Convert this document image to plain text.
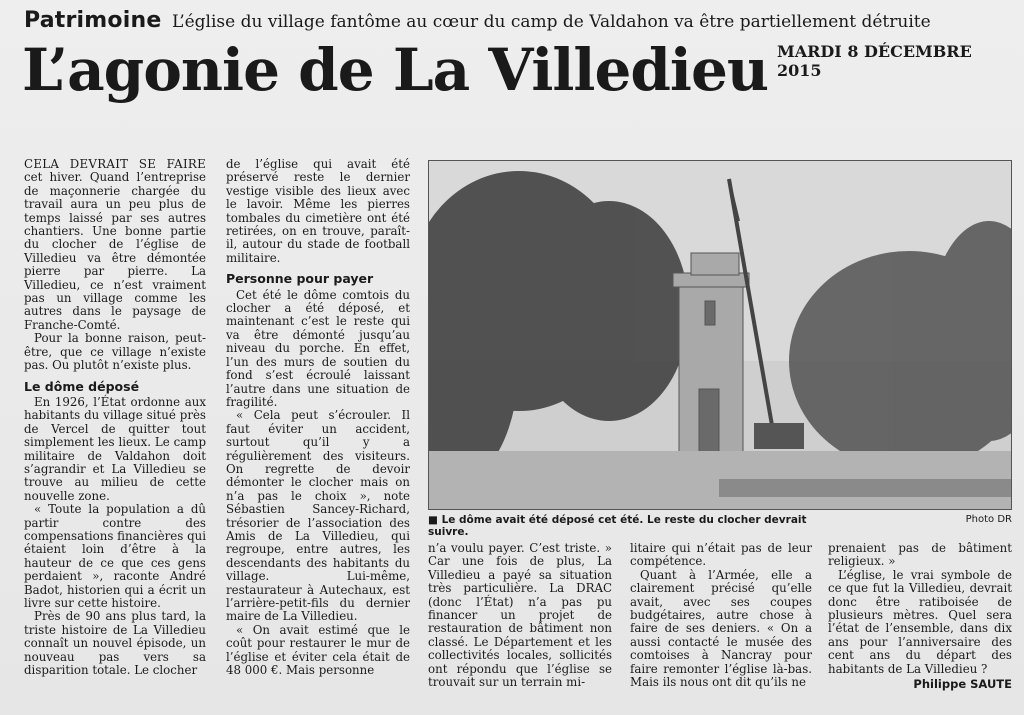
Patrimoine L’église du village fantôme au cœur du camp de Valdahon va être partiellement détruite
L’agonie de La Villedieu MARDI 8 DÉCEMBRE 2015

CELA DEVRAIT SE FAIRE cet hiver. Quand l’entreprise de maçonnerie chargée du travail aura un peu plus de temps laissé par ses autres chantiers. Une bonne partie du clocher de l’église de Villedieu va être démontée pierre par pierre. La Villedieu, ce n’est vraiment pas un village comme les autres dans le paysage de Franche-Comté.

Pour la bonne raison, peut-être, que ce village n’existe pas. Ou plutôt n’existe plus.

Le dôme déposé

En 1926, l’État ordonne aux habitants du village situé près de Vercel de quitter tout simplement les lieux. Le camp militaire de Valdahon doit s’agrandir et La Villedieu se trouve au milieu de cette nouvelle zone.

« Toute la population a dû partir contre des compensations financières qui étaient loin d’être à la hauteur de ce que ces gens perdaient », raconte André Badot, historien qui a écrit un livre sur cette histoire.

Près de 90 ans plus tard, la triste histoire de La Villedieu connaît un nouvel épisode, un nouveau pas vers sa disparition totale. Le clocher

de l’église qui avait été préservé reste le dernier vestige visible des lieux avec le lavoir. Même les pierres tombales du cimetière ont été retirées, on en trouve, paraît-il, autour du stade de football militaire.

Personne pour payer

Cet été le dôme comtois du clocher a été déposé, et maintenant c’est le reste qui va être démonté jusqu’au niveau du porche. En effet, l’un des murs de soutien du fond s’est écroulé laissant l’autre dans une situation de fragilité.

« Cela peut s’écrouler. Il faut éviter un accident, surtout qu’il y a régulièrement des visiteurs. On regrette de devoir démonter le clocher mais on n’a pas le choix », note Sébastien Sancey-Richard, trésorier de l’association des Amis de La Villedieu, qui regroupe, entre autres, les descendants des habitants du village. Lui-même, restaurateur à Autechaux, est l’arrière-petit-fils du dernier maire de La Villedieu.

« On avait estimé que le coût pour restaurer le mur de l’église et éviter cela était de 48 000 €. Mais personne

■ Le dôme avait été déposé cet été. Le reste du clocher devrait suivre.
Photo DR

n’a voulu payer. C’est triste. » Car une fois de plus, La Villedieu a payé sa situation très particulière. La DRAC (donc l’État) n’a pas pu financer un projet de restauration de bâtiment non classé. Le Département et les collectivités locales, sollicités ont répondu que l’église se trouvait sur un terrain mi-

litaire qui n’était pas de leur compétence.

Quant à l’Armée, elle a clairement précisé qu’elle avait, avec ses coupes budgétaires, autre chose à faire de ses deniers. « On a aussi contacté le musée des comtoises à Nancray pour faire remonter l’église là-bas. Mais ils nous ont dit qu’ils ne

prenaient pas de bâtiment religieux. »

L’église, le vrai symbole de ce que fut la Villedieu, devrait donc être ratiboisée de plusieurs mètres. Quel sera l’état de l’ensemble, dans dix ans pour l’anniversaire des cent ans du départ des habitants de La Villedieu ?

Philippe SAUTE
